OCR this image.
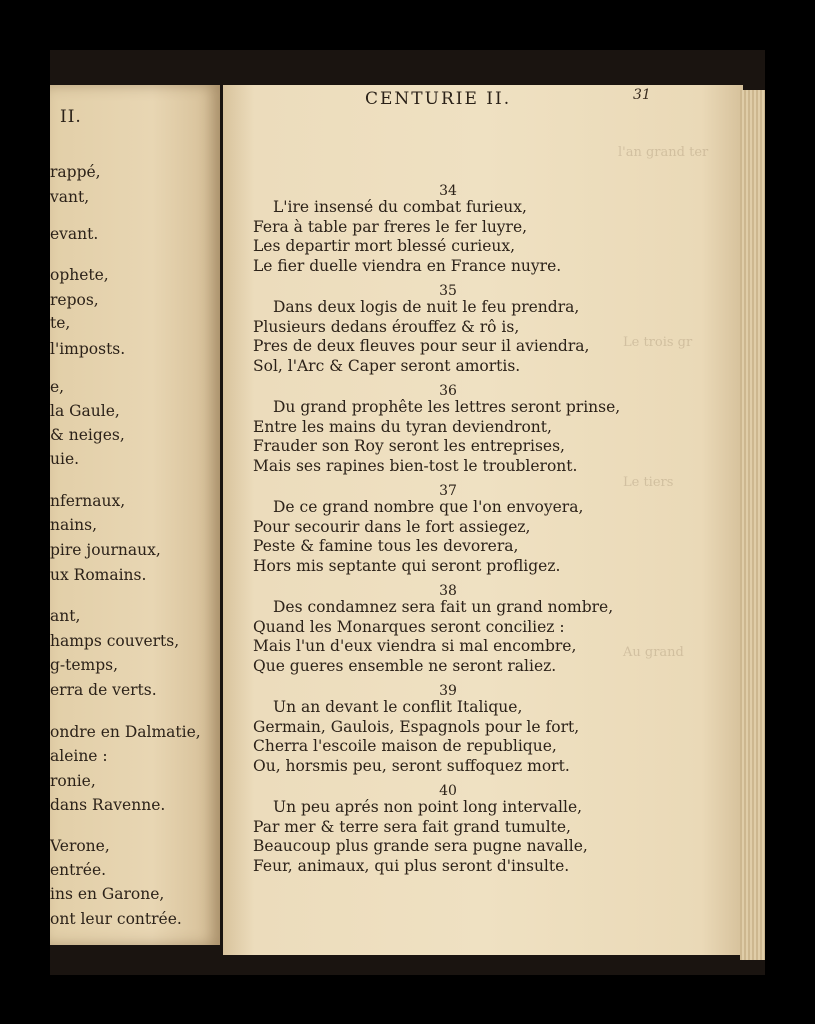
II.
rappé,
vant,
evant.
ophete,
repos,
te,
l'imposts.
e,
la Gaule,
& neiges,
uie.
nfernaux,
nains,
pire journaux,
ux Romains.
ant,
hamps couverts,
g-temps,
erra de verts.
ondre en Dalmatie,
aleine :
ronie,
dans Ravenne.
Verone,
entrée.
ins en Garone,
ont leur contrée.
l'an grand ter
Le trois gr
Le tiers
Au grand
CENTURIE II.	31
34
L'ire insensé du combat furieux,
Fera à table par freres le fer luyre,
Les departir mort blessé curieux,
Le fier duelle viendra en France nuyre.
35
Dans deux logis de nuit le feu prendra,
Plusieurs dedans érouffez & rô is,
Pres de deux fleuves pour seur il aviendra,
Sol, l'Arc & Caper seront amortis.
36
Du grand prophête les lettres seront prinse,
Entre les mains du tyran deviendront,
Frauder son Roy seront les entreprises,
Mais ses rapines bien-tost le troubleront.
37
De ce grand nombre que l'on envoyera,
Pour secourir dans le fort assiegez,
Peste & famine tous les devorera,
Hors mis septante qui seront profligez.
38
Des condamnez sera fait un grand nombre,
Quand les Monarques seront conciliez :
Mais l'un d'eux viendra si mal encombre,
Que gueres ensemble ne seront raliez.
39
Un an devant le conflit Italique,
Germain, Gaulois, Espagnols pour le fort,
Cherra l'escoile maison de republique,
Ou, horsmis peu, seront suffoquez mort.
40
Un peu aprés non point long intervalle,
Par mer & terre sera fait grand tumulte,
Beaucoup plus grande sera pugne navalle,
Feur, animaux, qui plus seront d'insulte.
